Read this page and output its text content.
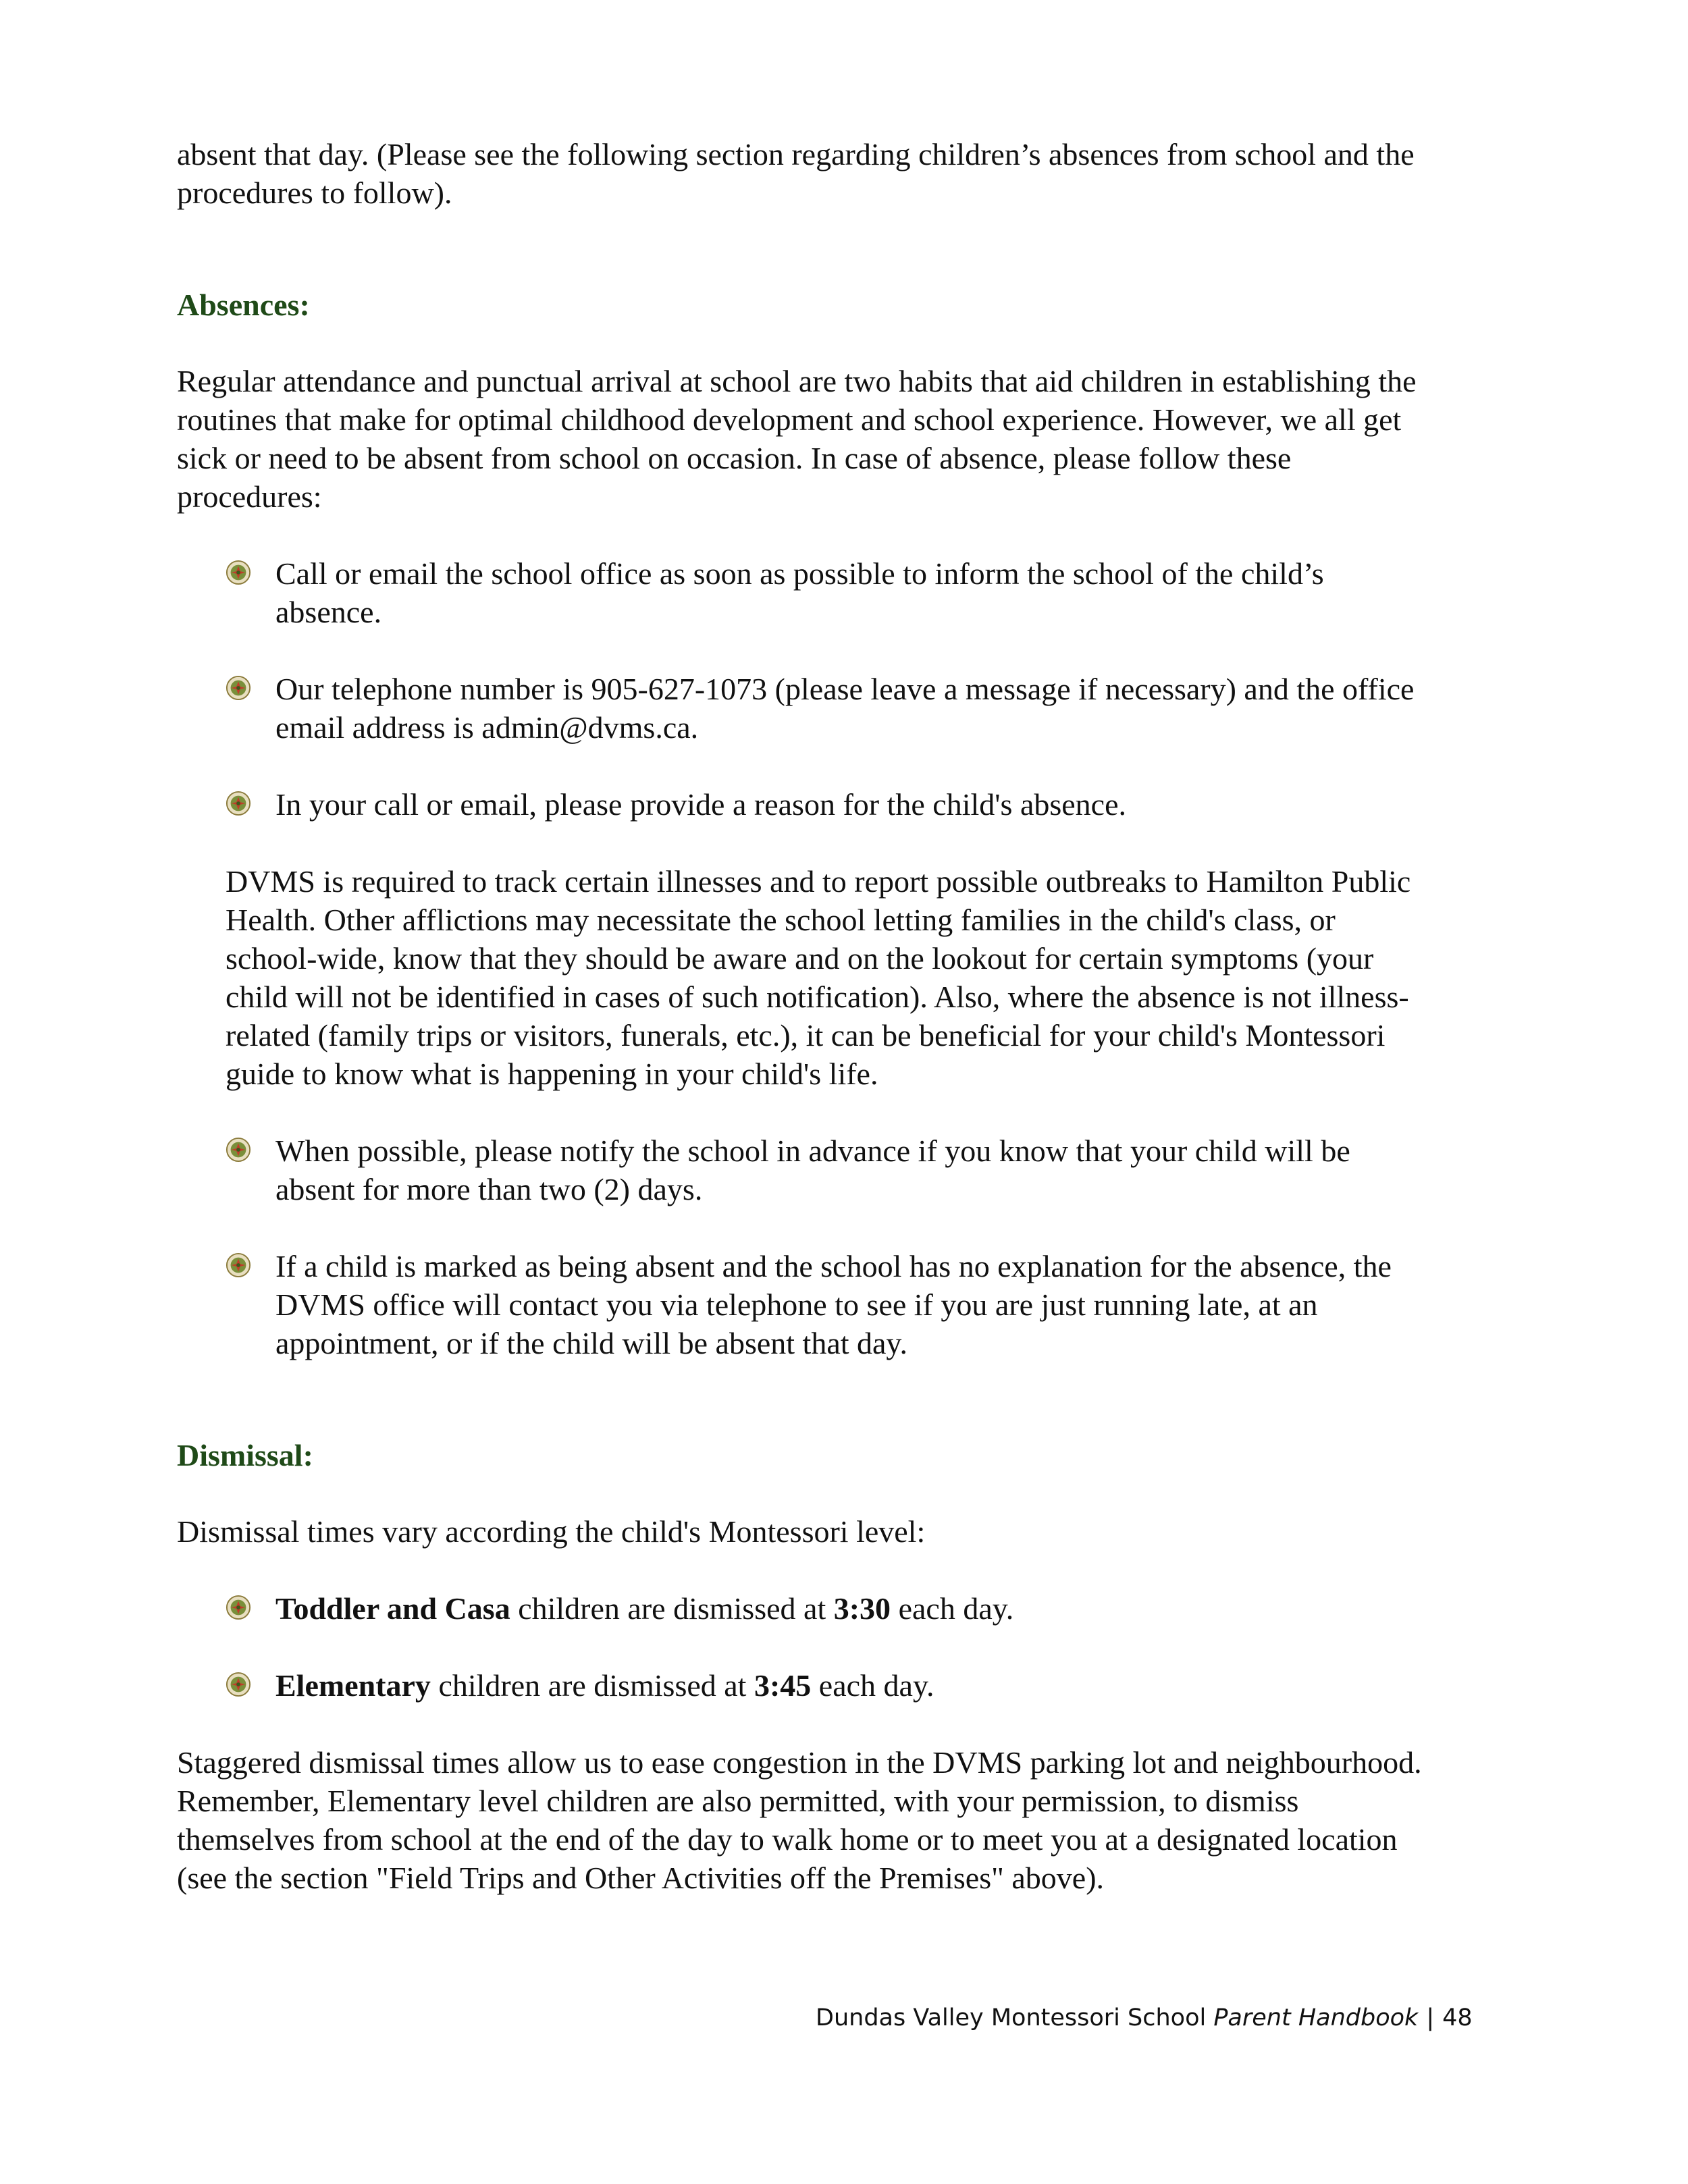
absent that day. (Please see the following section regarding children’s absences from school and the
procedures to follow).

Absences:

Regular attendance and punctual arrival at school are two habits that aid children in establishing the
routines that make for optimal childhood development and school experience. However, we all get
sick or need to be absent from school on occasion. In case of absence, please follow these
procedures:

Call or email the school office as soon as possible to inform the school of the child’s
absence.
Our telephone number is 905-627-1073 (please leave a message if necessary) and the office
email address is admin@dvms.ca.
In your call or email, please provide a reason for the child's absence.

DVMS is required to track certain illnesses and to report possible outbreaks to Hamilton Public
Health. Other afflictions may necessitate the school letting families in the child's class, or
school-wide, know that they should be aware and on the lookout for certain symptoms (your
child will not be identified in cases of such notification). Also, where the absence is not illness-
related (family trips or visitors, funerals, etc.), it can be beneficial for your child's Montessori
guide to know what is happening in your child's life.

When possible, please notify the school in advance if you know that your child will be
absent for more than two (2) days.
If a child is marked as being absent and the school has no explanation for the absence, the
DVMS office will contact you via telephone to see if you are just running late, at an
appointment, or if the child will be absent that day.

Dismissal:

Dismissal times vary according the child's Montessori level:

Toddler and Casa children are dismissed at 3:30 each day.
Elementary children are dismissed at 3:45 each day.

Staggered dismissal times allow us to ease congestion in the DVMS parking lot and neighbourhood.
Remember, Elementary level children are also permitted, with your permission, to dismiss
themselves from school at the end of the day to walk home or to meet you at a designated location
(see the section "Field Trips and Other Activities off the Premises" above).

Dundas Valley Montessori School Parent Handbook | 48
